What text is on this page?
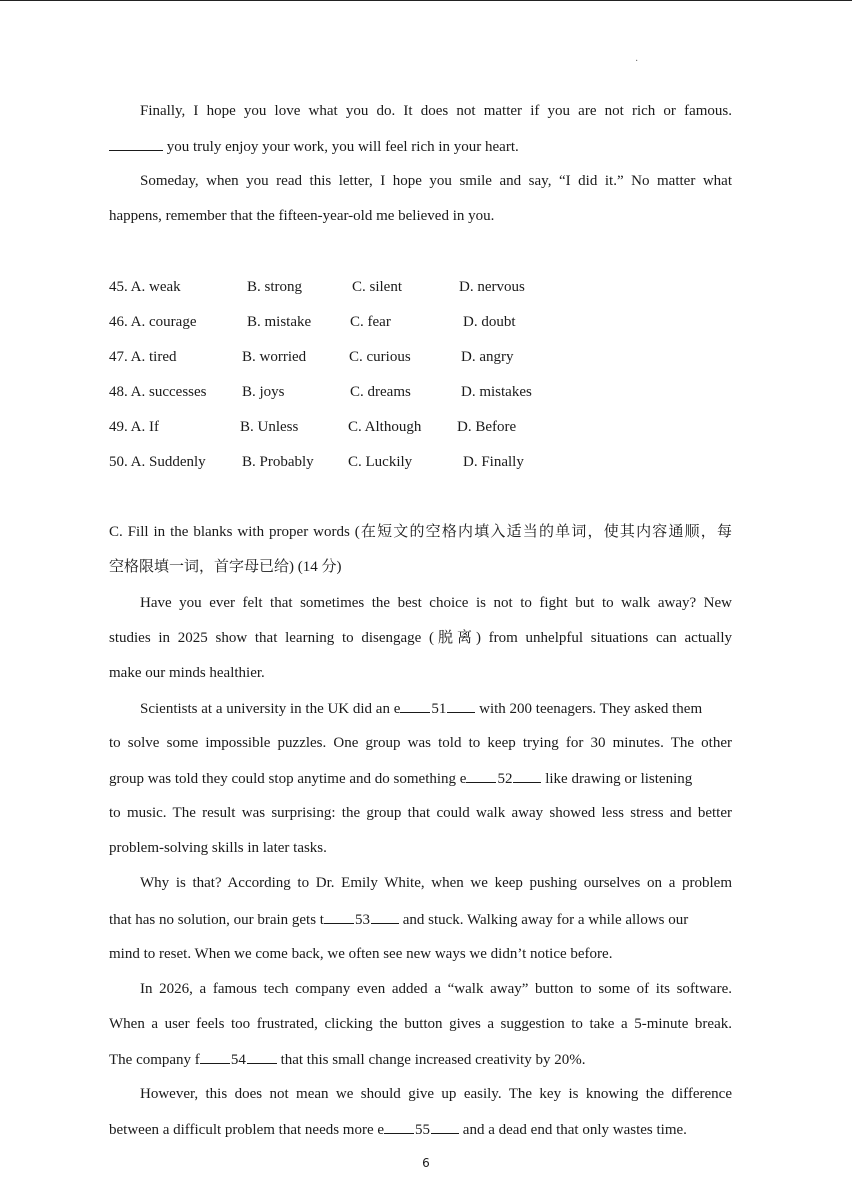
·
Finally, I hope you love what you do. It does not matter if you are not rich or famous.
you truly enjoy your work, you will feel rich in your heart.
Someday, when you read this letter, I hope you smile and say, “I did it.” No matter what
happens, remember that the fifteen-year-old me believed in you.
45. A. weak	B. strong	C. silent	D. nervous
46. A. courage	B. mistake	C. fear	D. doubt
47. A. tired	B. worried	C. curious	D. angry
48. A. successes B. joys	C. dreams	D. mistakes
49. A. If	B. Unless	C. Although D. Before
50. A. Suddenly B. Probably C. Luckily	D. Finally
C. Fill in the blanks with proper words (在短文的空格内填入适当的单词，使其内容通顺，每
空格限填一词，首字母已给) (14 分)
Have you ever felt that sometimes the best choice is not to fight but to walk away? New
studies in 2025 show that learning to disengage (脱离) from unhelpful situations can actually
make our minds healthier.
Scientists at a university in the UK did an e 51 with 200 teenagers. They asked them
to solve some impossible puzzles. One group was told to keep trying for 30 minutes. The other
group was told they could stop anytime and do something e 52 like drawing or listening
to music. The result was surprising: the group that could walk away showed less stress and better
problem-solving skills in later tasks.
Why is that? According to Dr. Emily White, when we keep pushing ourselves on a problem
that has no solution, our brain gets t 53 and stuck. Walking away for a while allows our
mind to reset. When we come back, we often see new ways we didn’t notice before.
In 2026, a famous tech company even added a “walk away” button to some of its software.
When a user feels too frustrated, clicking the button gives a suggestion to take a 5-minute break.
The company f 54 that this small change increased creativity by 20%.
However, this does not mean we should give up easily. The key is knowing the difference
between a difficult problem that needs more e 55 and a dead end that only wastes time.
6
